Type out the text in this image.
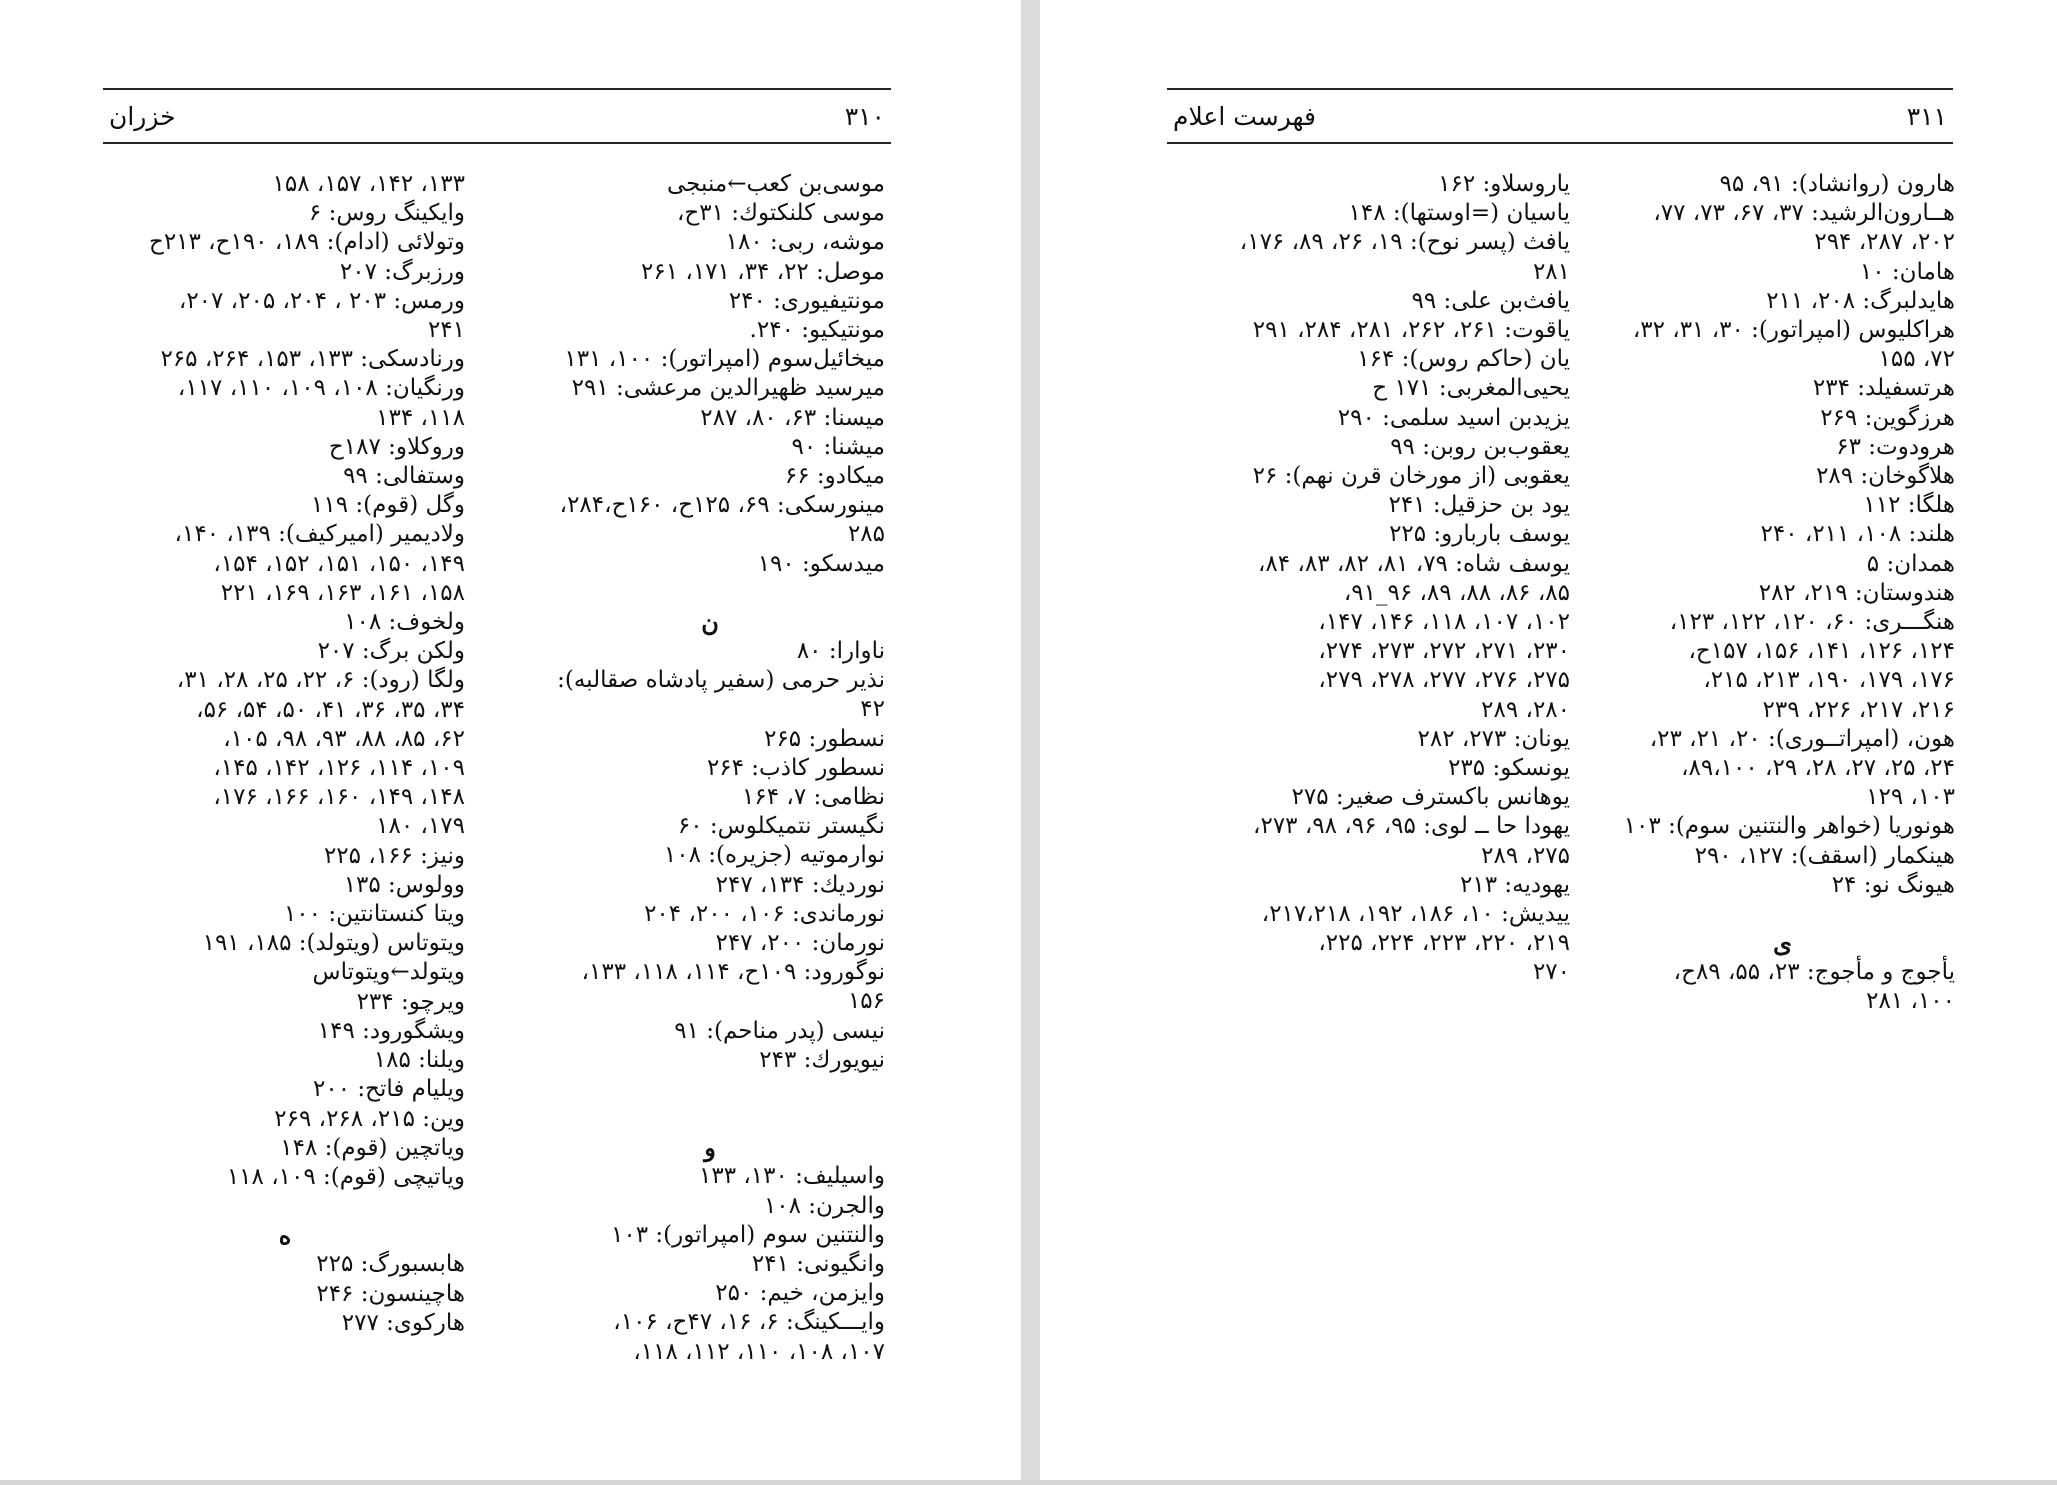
۳۱۰
خزران
موسى‌بن كعب←منبجى
موسى كلنكتوك: ۳۱ح،
موشه، ربى: ۱۸۰
موصل: ۲۲، ۳۴، ۱۷۱، ۲۶۱
مونتيفيورى: ۲۴۰
مونتيكيو: ۲۴۰.
ميخائيل‌سوم (امپراتور): ۱۰۰، ۱۳۱
ميرسيد ظهيرالدين مرعشى: ۲۹۱
ميسنا: ۶۳، ۸۰، ۲۸۷
ميشنا: ۹۰
ميكادو: ۶۶
مينورسكى: ۶۹، ۱۲۵ح، ۱۶۰ح،۲۸۴،
۲۸۵
ميدسكو: ۱۹۰
ن
ناوارا: ۸۰
نذير حرمى (سفير پادشاه صقالبه):
۴۲
نسطور: ۲۶۵
نسطور كاذب: ۲۶۴
نظامى: ۷، ۱۶۴
نگيستر نتميكلوس: ۶۰
نوارموتيه (جزيره): ۱۰۸
نورديك: ۱۳۴، ۲۴۷
نورماندى: ۱۰۶، ۲۰۰، ۲۰۴
نورمان: ۲۰۰، ۲۴۷
نوگورود: ۱۰۹ح، ۱۱۴، ۱۱۸، ۱۳۳،
۱۵۶
نيسى (پدر مناحم): ۹۱
نيويورك: ۲۴۳
و
واسيليف: ۱۳۰، ۱۳۳
والجرن: ۱۰۸
والنتنين سوم (امپراتور): ۱۰۳
وانگيونى: ۲۴۱
وايزمن، خيم: ۲۵۰
وايـــكينگ: ۶، ۱۶، ۴۷ح، ۱۰۶،
۱۰۷، ۱۰۸، ۱۱۰، ۱۱۲، ۱۱۸،
۱۳۳، ۱۴۲، ۱۵۷، ۱۵۸
وايكينگ روس: ۶
وتولائى (ادام): ۱۸۹، ۱۹۰ح، ۲۱۳ح
ورزبرگ: ۲۰۷
ورمس: ۲۰۳ ، ۲۰۴، ۲۰۵، ۲۰۷،
۲۴۱
ورنادسكى: ۱۳۳، ۱۵۳، ۲۶۴، ۲۶۵
ورنگيان: ۱۰۸، ۱۰۹، ۱۱۰، ۱۱۷،
۱۱۸، ۱۳۴
وروكلاو: ۱۸۷ح
وستفالى: ۹۹
وگل (قوم): ۱۱۹
ولاديمير (اميركيف): ۱۳۹، ۱۴۰،
۱۴۹، ۱۵۰، ۱۵۱، ۱۵۲، ۱۵۴،
۱۵۸، ۱۶۱، ۱۶۳، ۱۶۹، ۲۲۱
ولخوف: ۱۰۸
ولكن برگ: ۲۰۷
ولگا (رود): ۶، ۲۲، ۲۵، ۲۸، ۳۱،
۳۴، ۳۵، ۳۶، ۴۱، ۵۰، ۵۴، ۵۶،
۶۲، ۸۵، ۸۸، ۹۳، ۹۸، ۱۰۵،
۱۰۹، ۱۱۴، ۱۲۶، ۱۴۲، ۱۴۵،
۱۴۸، ۱۴۹، ۱۶۰، ۱۶۶، ۱۷۶،
۱۷۹، ۱۸۰
ونيز: ۱۶۶، ۲۲۵
وولوس: ۱۳۵
ويتا كنستانتين: ۱۰۰
ويتوتاس (ويتولد): ۱۸۵، ۱۹۱
ويتولد←ويتوتاس
ويرچو: ۲۳۴
ويشگورود: ۱۴۹
ويلنا: ۱۸۵
ويليام فاتح: ۲۰۰
وين: ۲۱۵، ۲۶۸، ۲۶۹
وياتچين (قوم): ۱۴۸
وياتيچى (قوم): ۱۰۹، ۱۱۸
ه
هابسبورگ: ۲۲۵
هاچينسون: ۲۴۶
هاركوى: ۲۷۷
۳۱۱
فهرست اعلام
هارون (روانشاد): ۹۱، ۹۵
هــارون‌الرشيد: ۳۷، ۶۷، ۷۳، ۷۷،
۲۰۲، ۲۸۷، ۲۹۴
هامان: ۱۰
هايدلبرگ: ۲۰۸، ۲۱۱
هراكليوس (امپراتور): ۳۰، ۳۱، ۳۲،
۷۲، ۱۵۵
هرتسفيلد: ۲۳۴
هرزگوين: ۲۶۹
هرودوت: ۶۳
هلاگوخان: ۲۸۹
هلگا: ۱۱۲
هلند: ۱۰۸، ۲۱۱، ۲۴۰
همدان: ۵
هندوستان: ۲۱۹، ۲۸۲
هنگـــرى: ۶۰، ۱۲۰، ۱۲۲، ۱۲۳،
۱۲۴، ۱۲۶، ۱۴۱، ۱۵۶، ۱۵۷ح،
۱۷۶، ۱۷۹، ۱۹۰، ۲۱۳، ۲۱۵،
۲۱۶، ۲۱۷، ۲۲۶، ۲۳۹
هون، (امپراتــورى): ۲۰، ۲۱، ۲۳،
۲۴، ۲۵، ۲۷، ۲۸، ۲۹، ۸۹،۱۰۰،
۱۰۳، ۱۲۹
هونوريا (خواهر والنتنين سوم): ۱۰۳
هينكمار (اسقف): ۱۲۷، ۲۹۰
هيونگ نو: ۲۴
ى
يأجوج و مأجوج: ۲۳، ۵۵، ۸۹ح،
۱۰۰، ۲۸۱
ياروسلاو: ۱۶۲
ياسيان (=اوستها): ۱۴۸
يافث (پسر نوح): ۱۹، ۲۶، ۸۹، ۱۷۶،
۲۸۱
يافث‌بن على: ۹۹
ياقوت: ۲۶۱، ۲۶۲، ۲۸۱، ۲۸۴، ۲۹۱
يان (حاكم روس): ۱۶۴
يحيى‌المغربى: ۱۷۱ ح
يزيدبن اسيد سلمى: ۲۹۰
يعقوب‌بن روبن: ۹۹
يعقوبى (از مورخان قرن نهم): ۲۶
يود بن حزقيل: ۲۴۱
يوسف باربارو: ۲۲۵
يوسف شاه: ۷۹، ۸۱، ۸۲، ۸۳، ۸۴،
۸۵، ۸۶، ۸۸، ۸۹، ۹۶_۹۱،
۱۰۲، ۱۰۷، ۱۱۸، ۱۴۶، ۱۴۷،
۲۳۰، ۲۷۱، ۲۷۲، ۲۷۳، ۲۷۴،
۲۷۵، ۲۷۶، ۲۷۷، ۲۷۸، ۲۷۹،
۲۸۰، ۲۸۹
يونان: ۲۷۳، ۲۸۲
يونسكو: ۲۳۵
يوهانس باكسترف صغير: ۲۷۵
يهودا حا ــ لوى: ۹۵، ۹۶، ۹۸، ۲۷۳،
۲۷۵، ۲۸۹
يهوديه: ۲۱۳
ييديش: ۱۰، ۱۸۶، ۱۹۲، ۲۱۷،۲۱۸،
۲۱۹، ۲۲۰، ۲۲۳، ۲۲۴، ۲۲۵،
۲۷۰
